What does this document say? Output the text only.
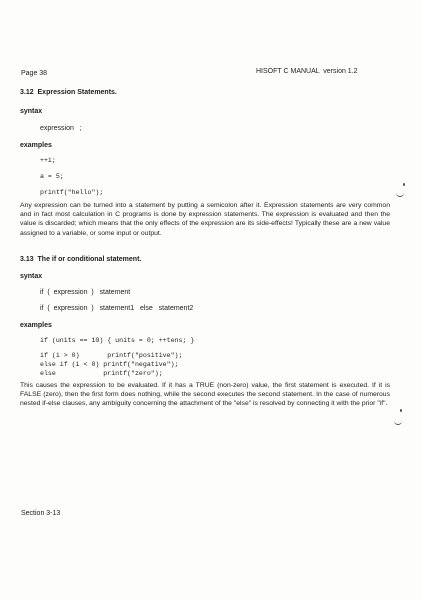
Page 38	HISOFT C MANUAL  version 1.2
3.12  Expression Statements.
syntax
expression   ;
examples
++i;
a = 5;
printf("hello");
Any expression can be turned into a statement by putting a semicolon after it. Expression statements are very common and in fact most calculation in C programs is done by expression statements. The expression is evaluated and then the value is discarded; which means that the only effects of the expression are its side-effects! Typically these are a new value assigned to a variable, or some input or output.
3.13  The if or conditional statement.
syntax
if  (  expression  )   statement
if  (  expression  )   statement1   else   statement2
examples
if (units == 10) { units = 0; ++tens; }
if (i > 0)       printf("positive");
else if (i < 0) printf("negative");
else            printf("zero");
This causes the expression to be evaluated. If it has a TRUE (non-zero) value, the first statement is executed. If it is FALSE (zero), then the first form does nothing, while the second executes the second statement. In the case of numerous nested if-else clauses, any ambiguity concerning the attachment of the "else" is resolved by connecting it with the prior "if".
Section 3-13
